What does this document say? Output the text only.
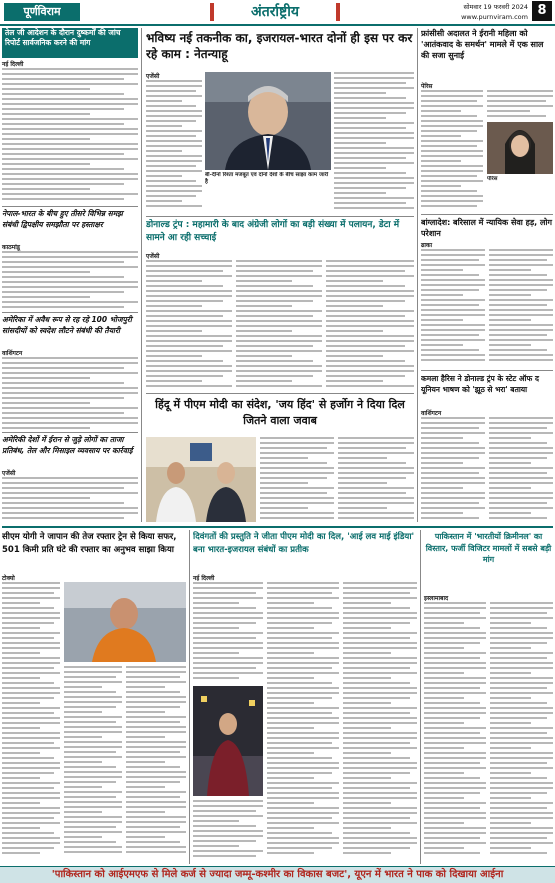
पूर्णविराम	अंतर्राष्ट्रीय	सोमवार 19 फरवरी 2024
www.purnviram.com 8
तेल जी आदेशन के दौरान दुष्कर्मों की जांच रिपोर्ट सार्वजनिक करने की मांग
नई दिल्ली
नेपाल-भारत के बीच हुए तीसरे विभिन्न समझ संबंधी द्विपक्षीय समझौता पर हस्ताक्षर
काठमांडू
अमेरिका में अवैध रूप से रह रहे 100 भोजपुरी सांसदीयों को स्वदेश लौटने संबंधी की तैयारी
वाशिंगटन
अमेरिकी देशों में ईरान से जुड़े लोगों का ताजा प्रतिबंध, तेल और मिसाइल व्यवसाय पर कार्रवाई
एजेंसी
भविष्य नई तकनीक का, इजरायल-भारत दोनों ही इस पर कर रहे काम : नेतन्याहू
एजेंसी
बी-दीनो रिश्ता मजबूत एवं दोनों देशों के बीच साझा काम जारी है
डोनाल्ड ट्रंप : महामारी के बाद अंग्रेजी लोगों का बड़ी संख्या में पलायन, डेटा में सामने आ रही सच्चाई
एजेंसी
फ्रांसीसी अदालत ने ईरानी महिला को 'आतंकवाद के समर्थन' मामले में एक साल की सजा सुनाई
पेरिस
पेरिस
बांग्लादेश: बरिसाल में न्यायिक सेवा हड़, लोग परेशान
ढाका
कमला हैरिस ने डोनाल्ड ट्रंप के स्टेट ऑफ द यूनियन भाषण को 'झूठ से भरा' बताया
वाशिंगटन
हिंदू में पीएम मोदी का संदेश, 'जय हिंद' से हर्जोग ने दिया दिल जितने वाला जवाब
सीएम योगी ने जापान की तेज रफ्तार ट्रेन से किया सफर, 501 किमी प्रति घंटे की रफ्तार का अनुभव साझा किया
टोक्यो
दिवंगतों की प्रस्तुति ने जीता पीएम मोदी का दिल, 'आई लव माई इंडिया' बना भारत-इजरायल संबंधों का प्रतीक
नई दिल्ली
पाकिस्तान में 'भारतीयों क्रिमीनल' का विस्तार, फर्जी विजिटर मामलों में सबसे बड़ी मांग
इस्लामाबाद
'पाकिस्तान को आईएमएफ से मिले कर्ज से ज्यादा जम्मू-कश्मीर का विकास बजट', यूएन में भारत ने पाक को दिखाया आईना
